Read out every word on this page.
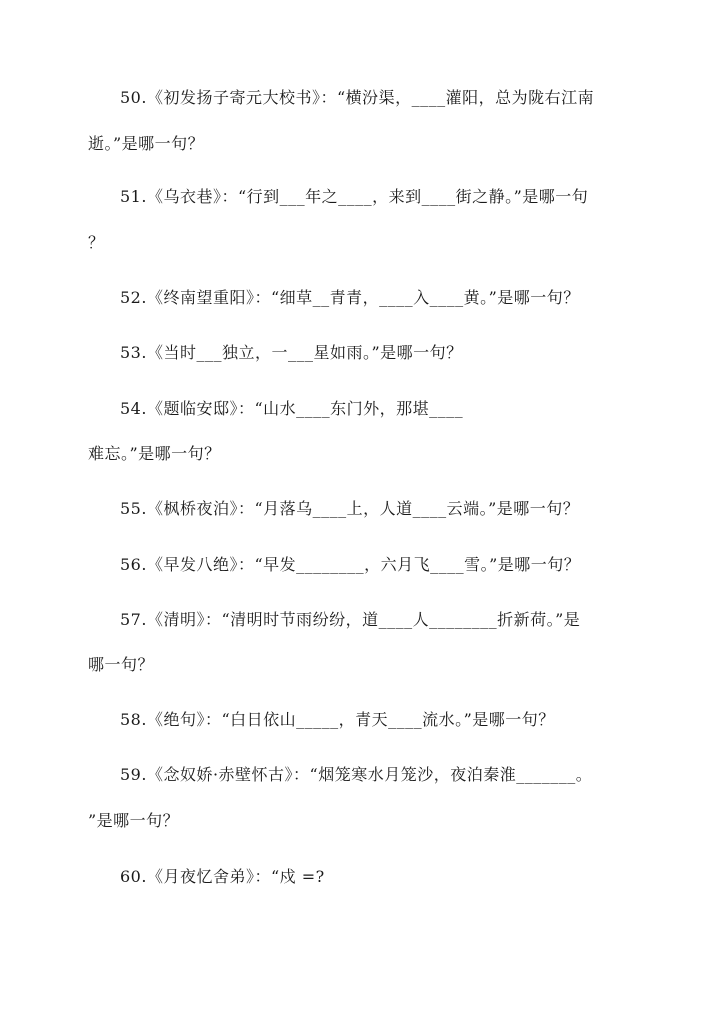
50.《初发扬子寄元大校书》：“横汾渠，____灌阳，总为陇右江南
逝。”是哪一句？
51.《乌衣巷》：“行到___年之____，来到____街之静。”是哪一句
？
52.《终南望重阳》：“细草__青青，____入____黄。”是哪一句？
53.《当时___独立，一___星如雨。”是哪一句？
54.《题临安邸》：“山水____东门外，那堪____
难忘。”是哪一句？
55.《枫桥夜泊》：“月落乌____上，人道____云端。”是哪一句？
56.《早发八绝》：“早发________，六月飞____雪。”是哪一句？
57.《清明》：“清明时节雨纷纷，道____人________折新荷。”是
哪一句？
58.《绝句》：“白日依山_____，青天____流水。”是哪一句？
59.《念奴娇·赤壁怀古》：“烟笼寒水月笼沙，夜泊秦淮_______。
”是哪一句？
60.《月夜忆舍弟》：“戍 =?
